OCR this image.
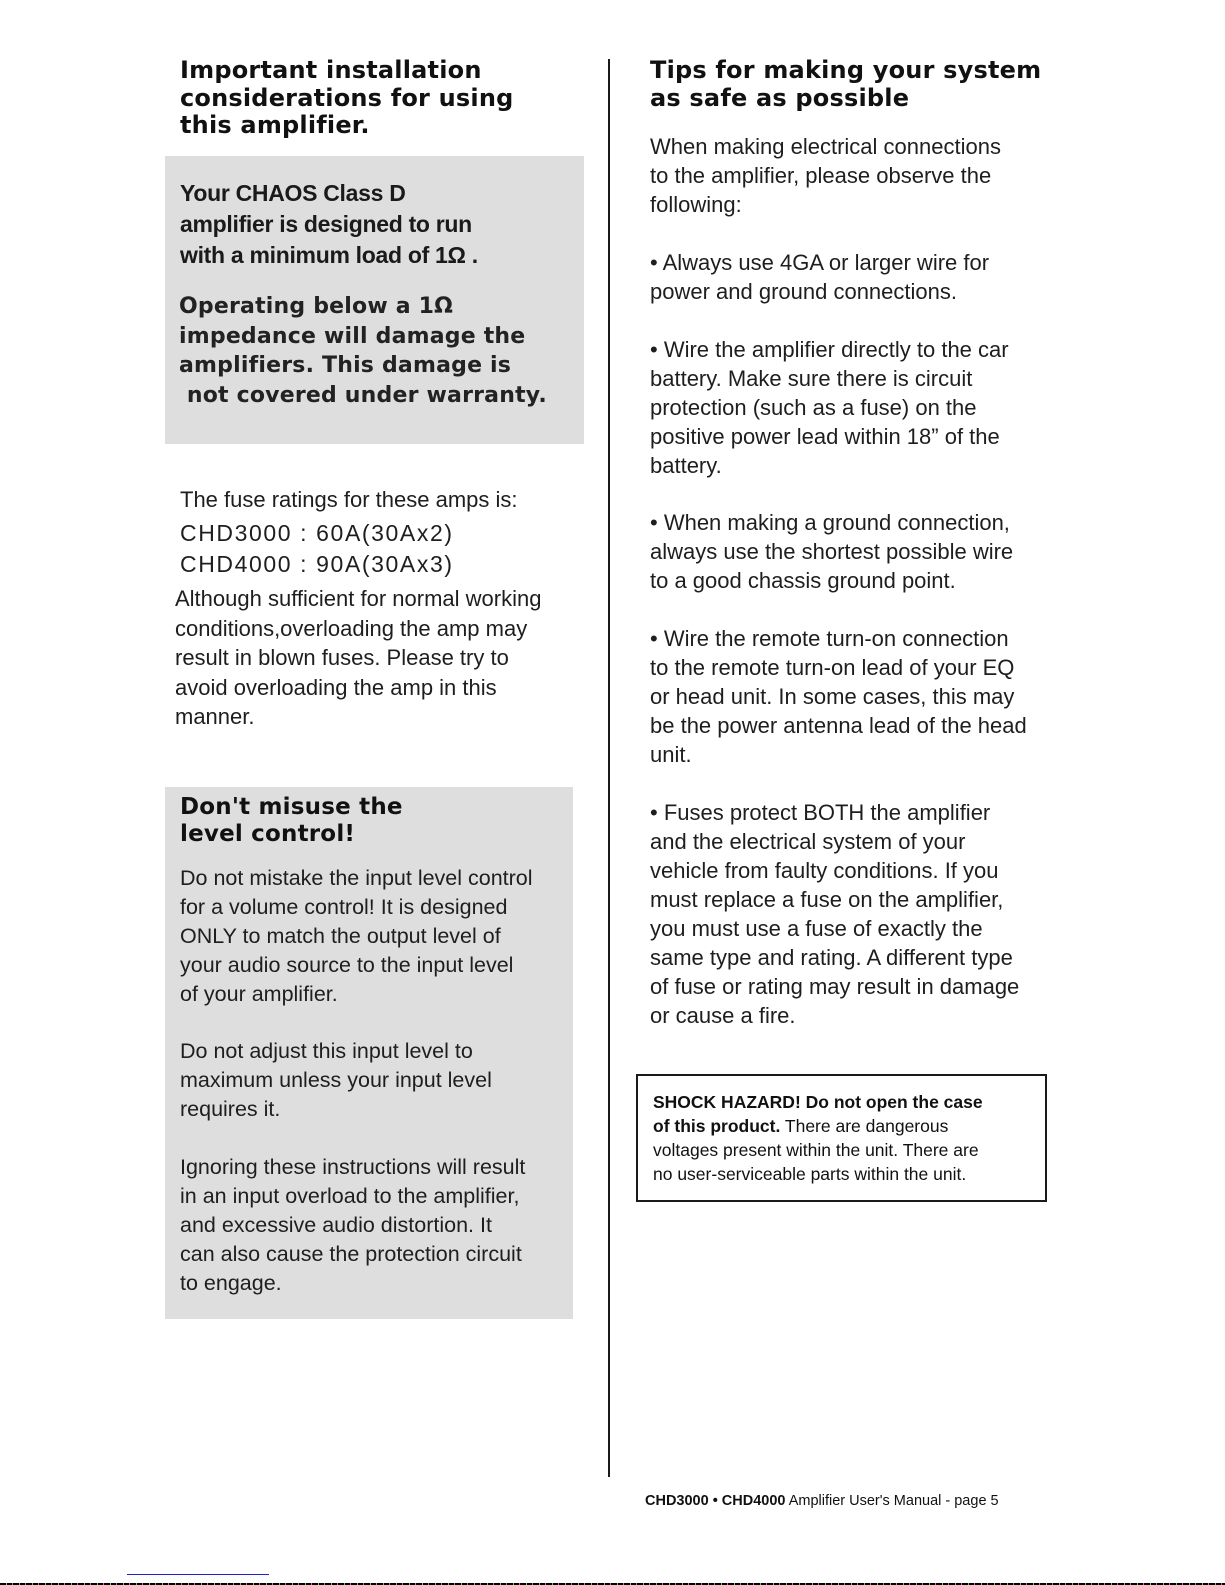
Important installation
considerations for using
this amplifier.
Your CHAOS Class D
amplifier is designed to run
with a minimum load of 1Ω .
Operating below a 1Ω
impedance will damage the
amplifiers. This damage is
not covered under warranty.
The fuse ratings for these amps is:
CHD3000 : 60A(30Ax2)
CHD4000 : 90A(30Ax3)
Although sufficient for normal working
conditions,overloading the amp may
result in blown fuses. Please try to
avoid overloading the amp in this
manner.
Don't misuse the
level control!
Do not mistake the input level control
for a volume control! It is designed
ONLY to match the output level of
your audio source to the input level
of your amplifier.
Do not adjust this input level to
maximum unless your input level
requires it.
Ignoring these instructions will result
in an input overload to the amplifier,
and excessive audio distortion. It
can also cause the protection circuit
to engage.
Tips for making your system
as safe as possible
When making electrical connections
to the amplifier, please observe the
following:
• Always use 4GA or larger wire for
power and ground connections.
• Wire the amplifier directly to the car
battery. Make sure there is circuit
protection (such as a fuse) on the
positive power lead within 18” of the
battery.
• When making a ground connection,
always use the shortest possible wire
to a good chassis ground point.
• Wire the remote turn-on connection
to the remote turn-on lead of your EQ
or head unit. In some cases, this may
be the power antenna lead of the head
unit.
• Fuses protect BOTH the amplifier
and the electrical system of your
vehicle from faulty conditions. If you
must replace a fuse on the amplifier,
you must use a fuse of exactly the
same type and rating. A different type
of fuse or rating may result in damage
or cause a fire.
SHOCK HAZARD! Do not open the case
of this product. There are dangerous
voltages present within the unit. There are
no user-serviceable parts within the unit.
CHD3000 • CHD4000 Amplifier User's Manual - page 5
